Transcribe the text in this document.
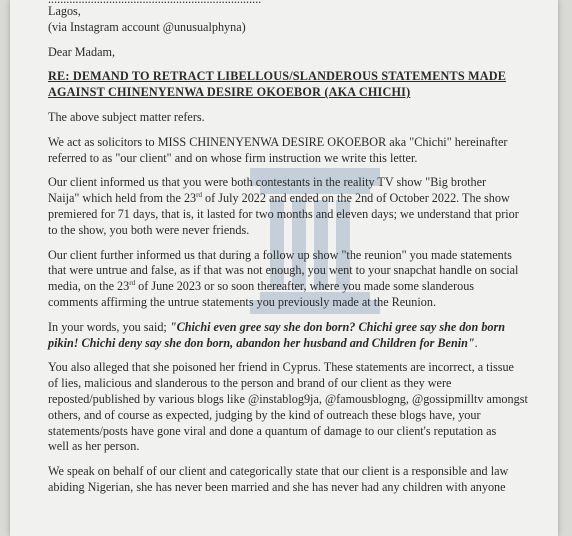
Lagos,
(via Instagram account @unusualphyna)
Dear Madam,
RE: DEMAND TO RETRACT LIBELLOUS/SLANDEROUS STATEMENTS MADE
AGAINST CHINENYENWA DESIRE OKOEBOR (AKA CHICHI)

The above subject matter refers.

We act as solicitors to MISS CHINENYENWA DESIRE OKOEBOR aka "Chichi" hereinafter
referred to as "our client" and on whose firm instruction we write this letter.
Our client informed us that you were both contestants in the reality TV show "Big brother
Naija" which held from the 23rd of July 2022 and ended on the 2nd of October 2022. The show
premiered for 71 days, that is, it lasted for two months and eleven days; we understand that prior
to the show, you both were never friends.
Our client further informed us that during a follow up show "the reunion" you made statements
that were untrue and false, as if that was not enough, you went to your snapchat handle on social
media, on the 23rd of June 2023 or so soon thereafter, where you made some slanderous
comments affirming the untrue statements you previously made at the Reunion.
In your words, you said; "Chichi even gree say she don born? Chichi gree say she don born
pikin! Chichi deny say she don born, abandon her husband and Children for Benin".
You also alleged that she poisoned her friend in Cyprus. These statements are incorrect, a tissue
of lies, malicious and slanderous to the person and brand of our client as they were
reposted/published by various blogs like @instablog9ja, @famousblogng, @gossipmilltv amongst
others, and of course as expected, judging by the kind of outreach these blogs have, your
statements/posts have gone viral and done a quantum of damage to our client's reputation as
well as her person.
We speak on behalf of our client and categorically state that our client is a responsible and law
abiding Nigerian, she has never been married and she has never had any children with anyone
